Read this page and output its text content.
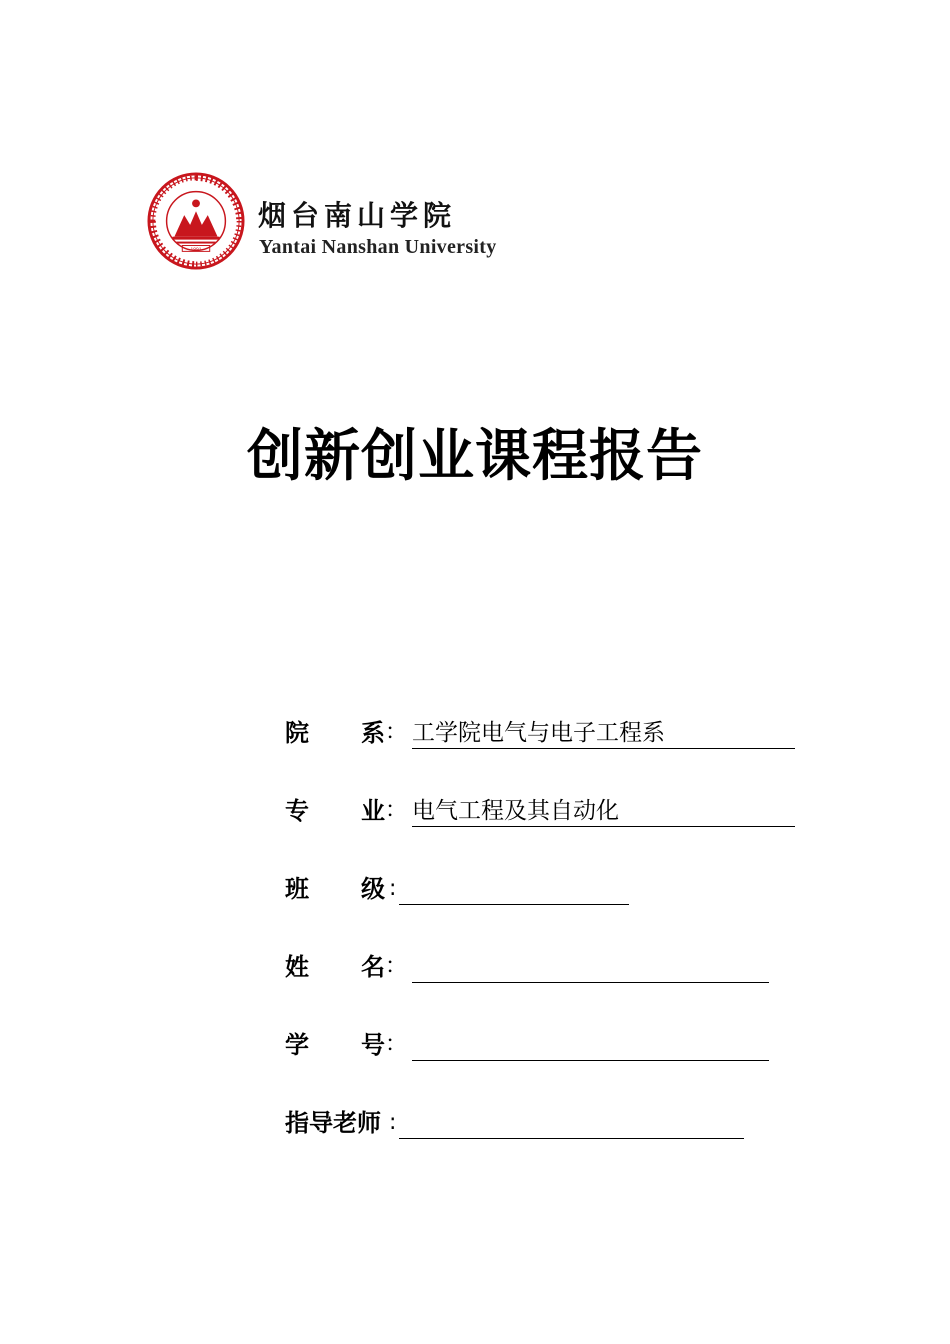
1991
烟台南山学院
Yantai Nanshan University
创新创业课程报告
院 系 ： 工学院电气与电子工程系
专 业 ： 电气工程及其自动化
班 级 :
姓 名 ：
学 号 ：
指导老师 :
